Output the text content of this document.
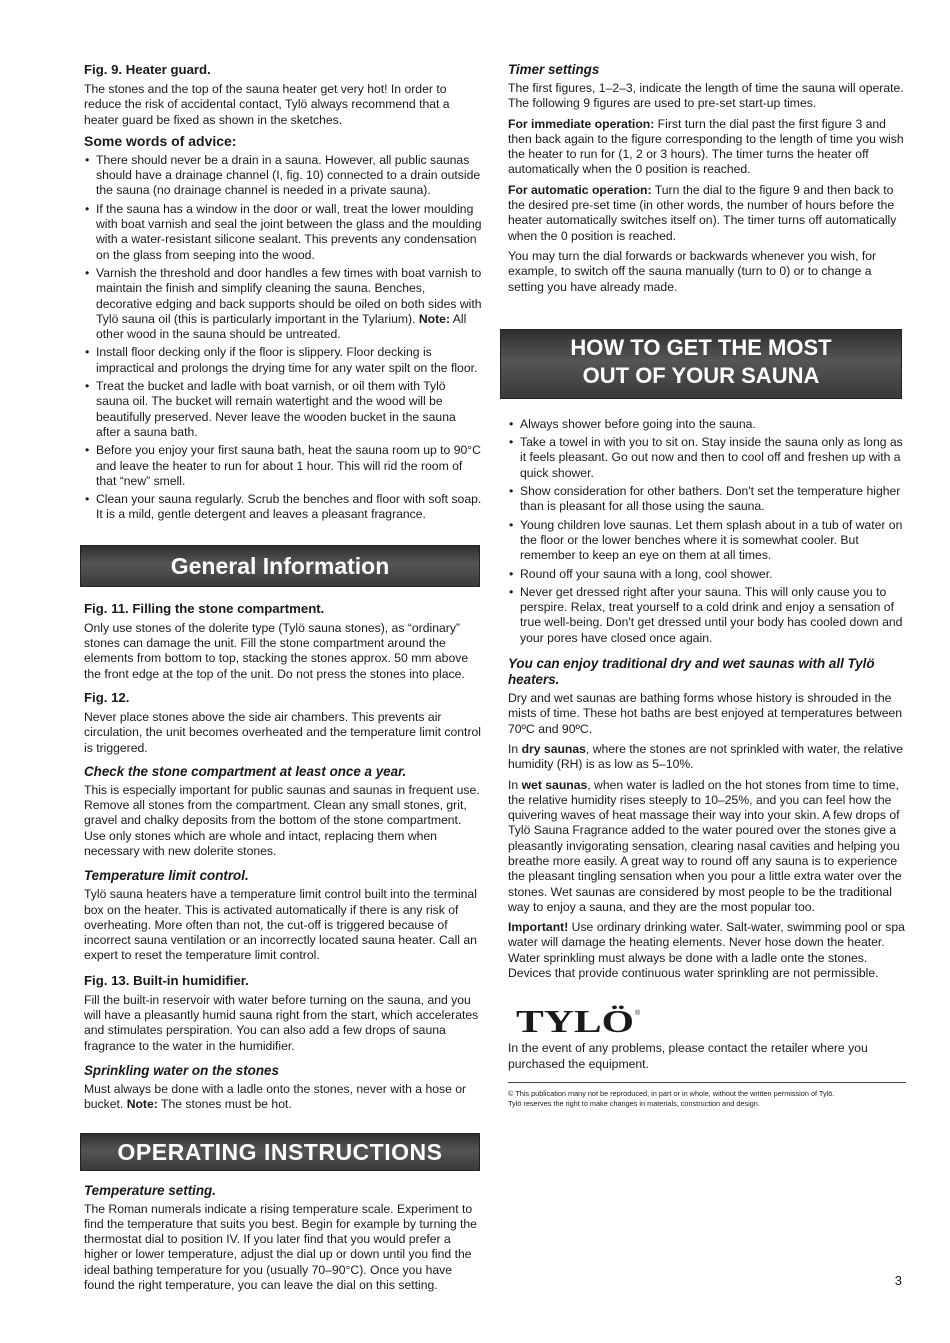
Fig. 9. Heater guard.

The stones and the top of the sauna heater get very hot! In order to reduce the risk of accidental contact, Tylö always recommend that a heater guard be fixed as shown in the sketches.

Some words of advice:
• There should never be a drain in a sauna. However, all public saunas should have a drainage channel (I, fig. 10) connected to a drain outside the sauna (no drainage channel is needed in a private sauna).
• If the sauna has a window in the door or wall, treat the lower moulding with boat varnish and seal the joint between the glass and the moulding with a water-resistant silicone sealant. This prevents any condensation on the glass from seeping into the wood.
• Varnish the threshold and door handles a few times with boat varnish to maintain the finish and simplify cleaning the sauna. Benches, decorative edging and back supports should be oiled on both sides with Tylö sauna oil (this is particularly important in the Tylarium). Note: All other wood in the sauna should be untreated.
• Install floor decking only if the floor is slippery. Floor decking is impractical and prolongs the drying time for any water spilt on the floor.
• Treat the bucket and ladle with boat varnish, or oil them with Tylö sauna oil. The bucket will remain watertight and the wood will be beautifully preserved. Never leave the wooden bucket in the sauna after a sauna bath.
• Before you enjoy your first sauna bath, heat the sauna room up to 90°C and leave the heater to run for about 1 hour. This will rid the room of that “new” smell.
• Clean your sauna regularly. Scrub the benches and floor with soft soap. It is a mild, gentle detergent and leaves a pleasant fragrance.
General Information
Fig. 11. Filling the stone compartment.

Only use stones of the dolerite type (Tylö sauna stones), as “ordinary” stones can damage the unit. Fill the stone compartment around the elements from bottom to top, stacking the stones approx. 50 mm above the front edge at the top of the unit. Do not press the stones into place.

Fig. 12.

Never place stones above the side air chambers. This prevents air circulation, the unit becomes overheated and the temperature limit control is triggered.

Check the stone compartment at least once a year.

This is especially important for public saunas and saunas in frequent use. Remove all stones from the compartment. Clean any small stones, grit, gravel and chalky deposits from the bottom of the stone compartment. Use only stones which are whole and intact, replacing them when necessary with new dolerite stones.

Temperature limit control.

Tylö sauna heaters have a temperature limit control built into the terminal box on the heater. This is activated automatically if there is any risk of overheating. More often than not, the cut-off is triggered because of incorrect sauna ventilation or an incorrectly located sauna heater. Call an expert to reset the temperature limit control.

Fig. 13. Built-in humidifier.

Fill the built-in reservoir with water before turning on the sauna, and you will have a pleasantly humid sauna right from the start, which accelerates and stimulates perspiration. You can also add a few drops of sauna fragrance to the water in the humidifier.

Sprinkling water on the stones

Must always be done with a ladle onto the stones, never with a hose or bucket. Note: The stones must be hot.

OPERATING INSTRUCTIONS
Temperature setting.

The Roman numerals indicate a rising temperature scale. Experiment to find the temperature that suits you best. Begin for example by turning the thermostat dial to position IV. If you later find that you would prefer a higher or lower temperature, adjust the dial up or down until you find the ideal bathing temperature for you (usually 70–90°C). Once you have found the right temperature, you can leave the dial on this setting.

Timer settings

The first figures, 1–2–3, indicate the length of time the sauna will operate. The following 9 figures are used to pre-set start-up times.

For immediate operation: First turn the dial past the first figure 3 and then back again to the figure corresponding to the length of time you wish the heater to run for (1, 2 or 3 hours). The timer turns the heater off automatically when the 0 position is reached.

For automatic operation: Turn the dial to the figure 9 and then back to the desired pre-set time (in other words, the number of hours before the heater automatically switches itself on). The timer turns off automatically when the 0 position is reached.

You may turn the dial forwards or backwards whenever you wish, for example, to switch off the sauna manually (turn to 0) or to change a setting you have already made.

HOW TO GET THE MOST
OUT OF YOUR SAUNA
• Always shower before going into the sauna.
• Take a towel in with you to sit on. Stay inside the sauna only as long as it feels pleasant. Go out now and then to cool off and freshen up with a quick shower.
• Show consideration for other bathers. Don't set the temperature higher than is pleasant for all those using the sauna.
• Young children love saunas. Let them splash about in a tub of water on the floor or the lower benches where it is somewhat cooler. But remember to keep an eye on them at all times.
• Round off your sauna with a long, cool shower.
• Never get dressed right after your sauna. This will only cause you to perspire. Relax, treat yourself to a cold drink and enjoy a sensation of true well-being. Don't get dressed until your body has cooled down and your pores have closed once again.
You can enjoy traditional dry and wet saunas with all Tylö heaters.

Dry and wet saunas are bathing forms whose history is shrouded in the mists of time. These hot baths are best enjoyed at temperatures between 70ºC and 90ºC.

In dry saunas, where the stones are not sprinkled with water, the relative humidity (RH) is as low as 5–10%.

In wet saunas, when water is ladled on the hot stones from time to time, the relative humidity rises steeply to 10–25%, and you can feel how the quivering waves of heat massage their way into your skin. A few drops of Tylö Sauna Fragrance added to the water poured over the stones give a pleasantly invigorating sensation, clearing nasal cavities and helping you breathe more easily. A great way to round off any sauna is to experience the pleasant tingling sensation when you pour a little extra water over the stones. Wet saunas are considered by most people to be the traditional way to enjoy a sauna, and they are the most popular too.

Important! Use ordinary drinking water. Salt-water, swimming pool or spa water will damage the heating elements. Never hose down the heater. Water sprinkling must always be done with a ladle onte the stones. Devices that provide continuous water sprinkling are not permissible.

TYLÖ ®

In the event of any problems, please contact the retailer where you purchased the equipment.

© This publication many not be reproduced, in part or in whole, without the written permission of Tylö.
Tylö reserves the right to make changes in materials, construction and design.
3
